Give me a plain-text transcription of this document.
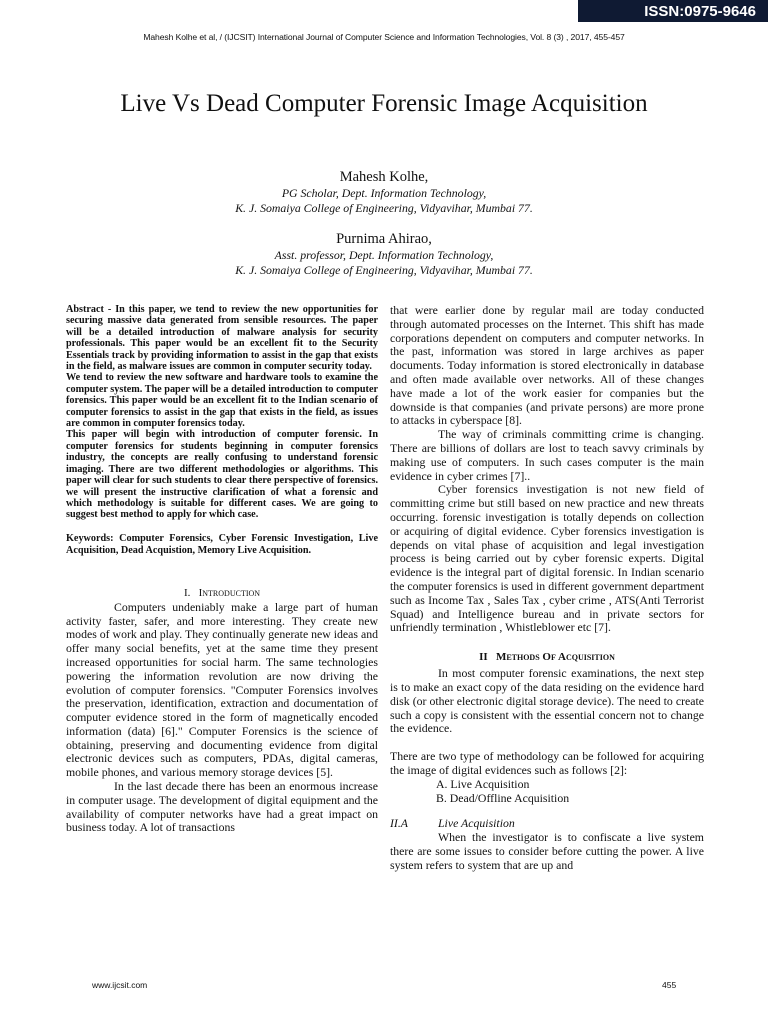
ISSN:0975-9646
Mahesh Kolhe et al, / (IJCSIT) International Journal of Computer Science and Information Technologies, Vol. 8 (3) , 2017, 455-457
Live Vs Dead Computer Forensic Image Acquisition
Mahesh Kolhe,
PG Scholar, Dept. Information Technology,
K. J. Somaiya College of Engineering, Vidyavihar, Mumbai 77.
Purnima Ahirao,
Asst. professor, Dept. Information Technology,
K. J. Somaiya College of Engineering, Vidyavihar, Mumbai 77.

Abstract - In this paper, we tend to review the new opportunities for securing massive data generated from sensible resources. The paper will be a detailed introduction of malware analysis for security professionals. This paper would be an excellent fit to the Security Essentials track by providing information to assist in the gap that exists in the field, as malware issues are common in computer security today.

We tend to review the new software and hardware tools to examine the computer system. The paper will be a detailed introduction to computer forensics. This paper would be an excellent fit to the Indian scenario of computer forensics to assist in the gap that exists in the field, as issues are common in computer forensics today.

This paper will begin with introduction of computer forensic. In computer forensics for students beginning in computer forensics industry, the concepts are really confusing to understand forensic imaging. There are two different methodologies or algorithms. This paper will clear for such students to clear there perspective of forensics. we will present the instructive clarification of what a forensic and which methodology is suitable for different cases. We are going to suggest best method to apply for which case.

Keywords: Computer Forensics, Cyber Forensic Investigation, Live Acquisition, Dead Acquistion, Memory Live Acquisition.

I. Introduction

Computers undeniably make a large part of human activity faster, safer, and more interesting. They create new modes of work and play. They continually generate new ideas and offer many social benefits, yet at the same time they present increased opportunities for social harm. The same technologies powering the information revolution are now driving the evolution of computer forensics. "Computer Forensics involves the preservation, identification, extraction and documentation of computer evidence stored in the form of magnetically encoded information (data) [6]." Computer Forensics is the science of obtaining, preserving and documenting evidence from digital electronic devices such as computers, PDAs, digital cameras, mobile phones, and various memory storage devices [5].

In the last decade there has been an enormous increase in computer usage. The development of digital equipment and the availability of computer networks have had a great impact on business today. A lot of transactions

that were earlier done by regular mail are today conducted through automated processes on the Internet. This shift has made corporations dependent on computers and computer networks. In the past, information was stored in large archives as paper documents. Today information is stored electronically in database and often made available over networks. All of these changes have made a lot of the work easier for companies but the downside is that companies (and private persons) are more prone to attacks in cyberspace [8].

The way of criminals committing crime is changing. There are billions of dollars are lost to teach savvy criminals by making use of computers. In such cases computer is the main evidence in cyber crimes [7]..

Cyber forensics investigation is not new field of committing crime but still based on new practice and new threats occurring. forensic investigation is totally depends on collection or acquiring of digital evidence. Cyber forensics investigation is depends on vital phase of acquisition and legal investigation process is being carried out by cyber forensic experts. Digital evidence is the integral part of digital forensic. In Indian scenario the computer forensics is used in different government department such as Income Tax , Sales Tax , cyber crime , ATS(Anti Terrorist Squad) and Intelligence bureau and in private sectors for unfriendly termination , Whistleblower etc [7].

II Methods Of Acquisition

In most computer forensic examinations, the next step is to make an exact copy of the data residing on the evidence hard disk (or other electronic digital storage device). The need to create such a copy is consistent with the essential concern not to change the evidence.

There are two type of methodology can be followed for acquiring the image of digital evidences such as follows [2]:

A. Live Acquisition
B. Dead/Offline Acquisition

II.A	Live Acquisition

When the investigator is to confiscate a live system there are some issues to consider before cutting the power. A live system refers to system that are up and

www.ijcsit.com	455
